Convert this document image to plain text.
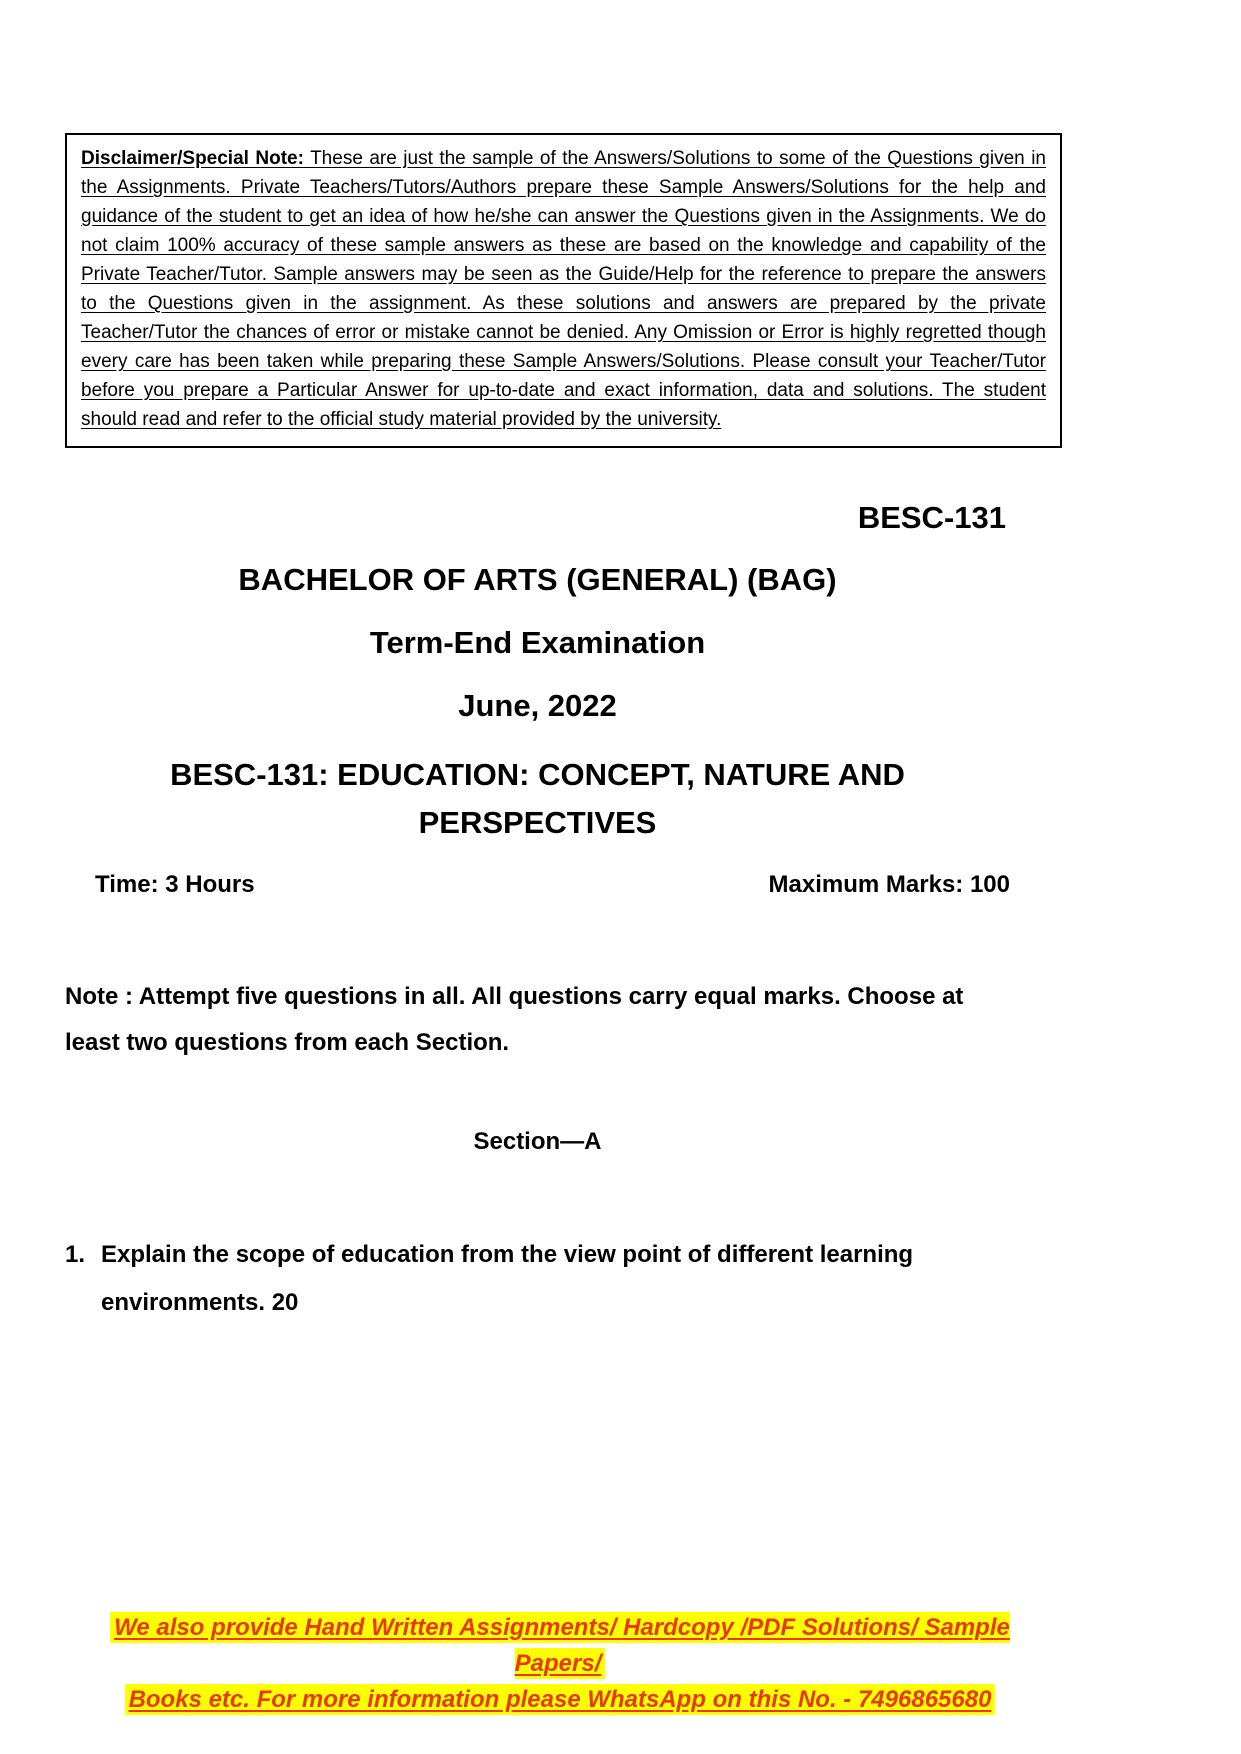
Disclaimer/Special Note: These are just the sample of the Answers/Solutions to some of the Questions given in the Assignments. Private Teachers/Tutors/Authors prepare these Sample Answers/Solutions for the help and guidance of the student to get an idea of how he/she can answer the Questions given in the Assignments. We do not claim 100% accuracy of these sample answers as these are based on the knowledge and capability of the Private Teacher/Tutor. Sample answers may be seen as the Guide/Help for the reference to prepare the answers to the Questions given in the assignment. As these solutions and answers are prepared by the private Teacher/Tutor the chances of error or mistake cannot be denied. Any Omission or Error is highly regretted though every care has been taken while preparing these Sample Answers/Solutions. Please consult your Teacher/Tutor before you prepare a Particular Answer for up-to-date and exact information, data and solutions. The student should read and refer to the official study material provided by the university.

BESC-131
BACHELOR OF ARTS (GENERAL) (BAG)
Term-End Examination
June, 2022
BESC-131: EDUCATION: CONCEPT, NATURE AND PERSPECTIVES
Time: 3 Hours	Maximum Marks: 100

Note : Attempt five questions in all. All questions carry equal marks. Choose at least two questions from each Section.

Section—A
1. Explain the scope of education from the view point of different learning environments. 20
We also provide Hand Written Assignments/ Hardcopy /PDF Solutions/ Sample Papers/
Books etc. For more information please WhatsApp on this No. - 7496865680
